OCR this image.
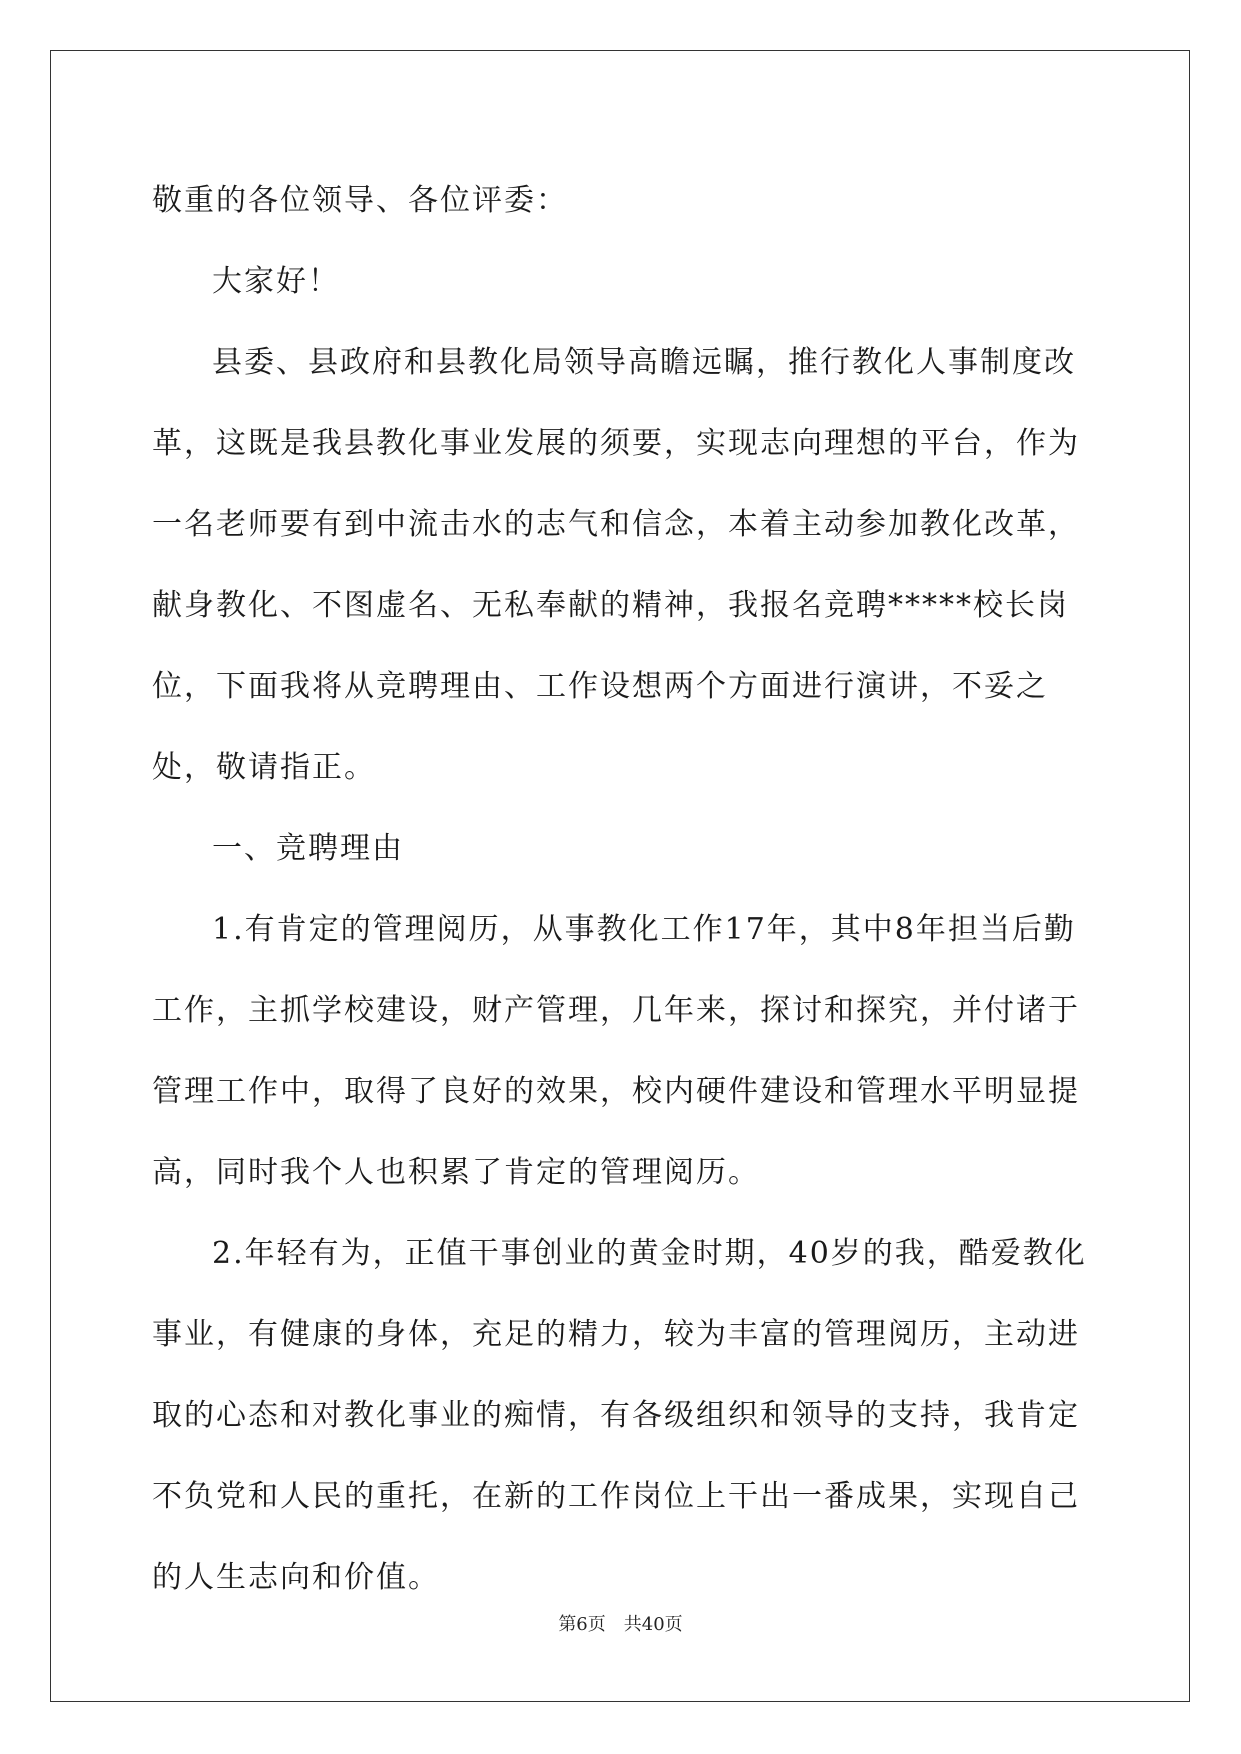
敬重的各位领导、各位评委：

大家好！

县委、县政府和县教化局领导高瞻远瞩，推行教化人事制度改革，这既是我县教化事业发展的须要，实现志向理想的平台，作为一名老师要有到中流击水的志气和信念，本着主动参加教化改革，献身教化、不图虚名、无私奉献的精神，我报名竞聘*****校长岗位，下面我将从竞聘理由、工作设想两个方面进行演讲，不妥之处，敬请指正。

一、竞聘理由

1.有肯定的管理阅历，从事教化工作17年，其中8年担当后勤工作，主抓学校建设，财产管理，几年来，探讨和探究，并付诸于管理工作中，取得了良好的效果，校内硬件建设和管理水平明显提高，同时我个人也积累了肯定的管理阅历。

2.年轻有为，正值干事创业的黄金时期，40岁的我，酷爱教化事业，有健康的身体，充足的精力，较为丰富的管理阅历，主动进取的心态和对教化事业的痴情，有各级组织和领导的支持，我肯定不负党和人民的重托，在新的工作岗位上干出一番成果，实现自己的人生志向和价值。

第6页　共40页
